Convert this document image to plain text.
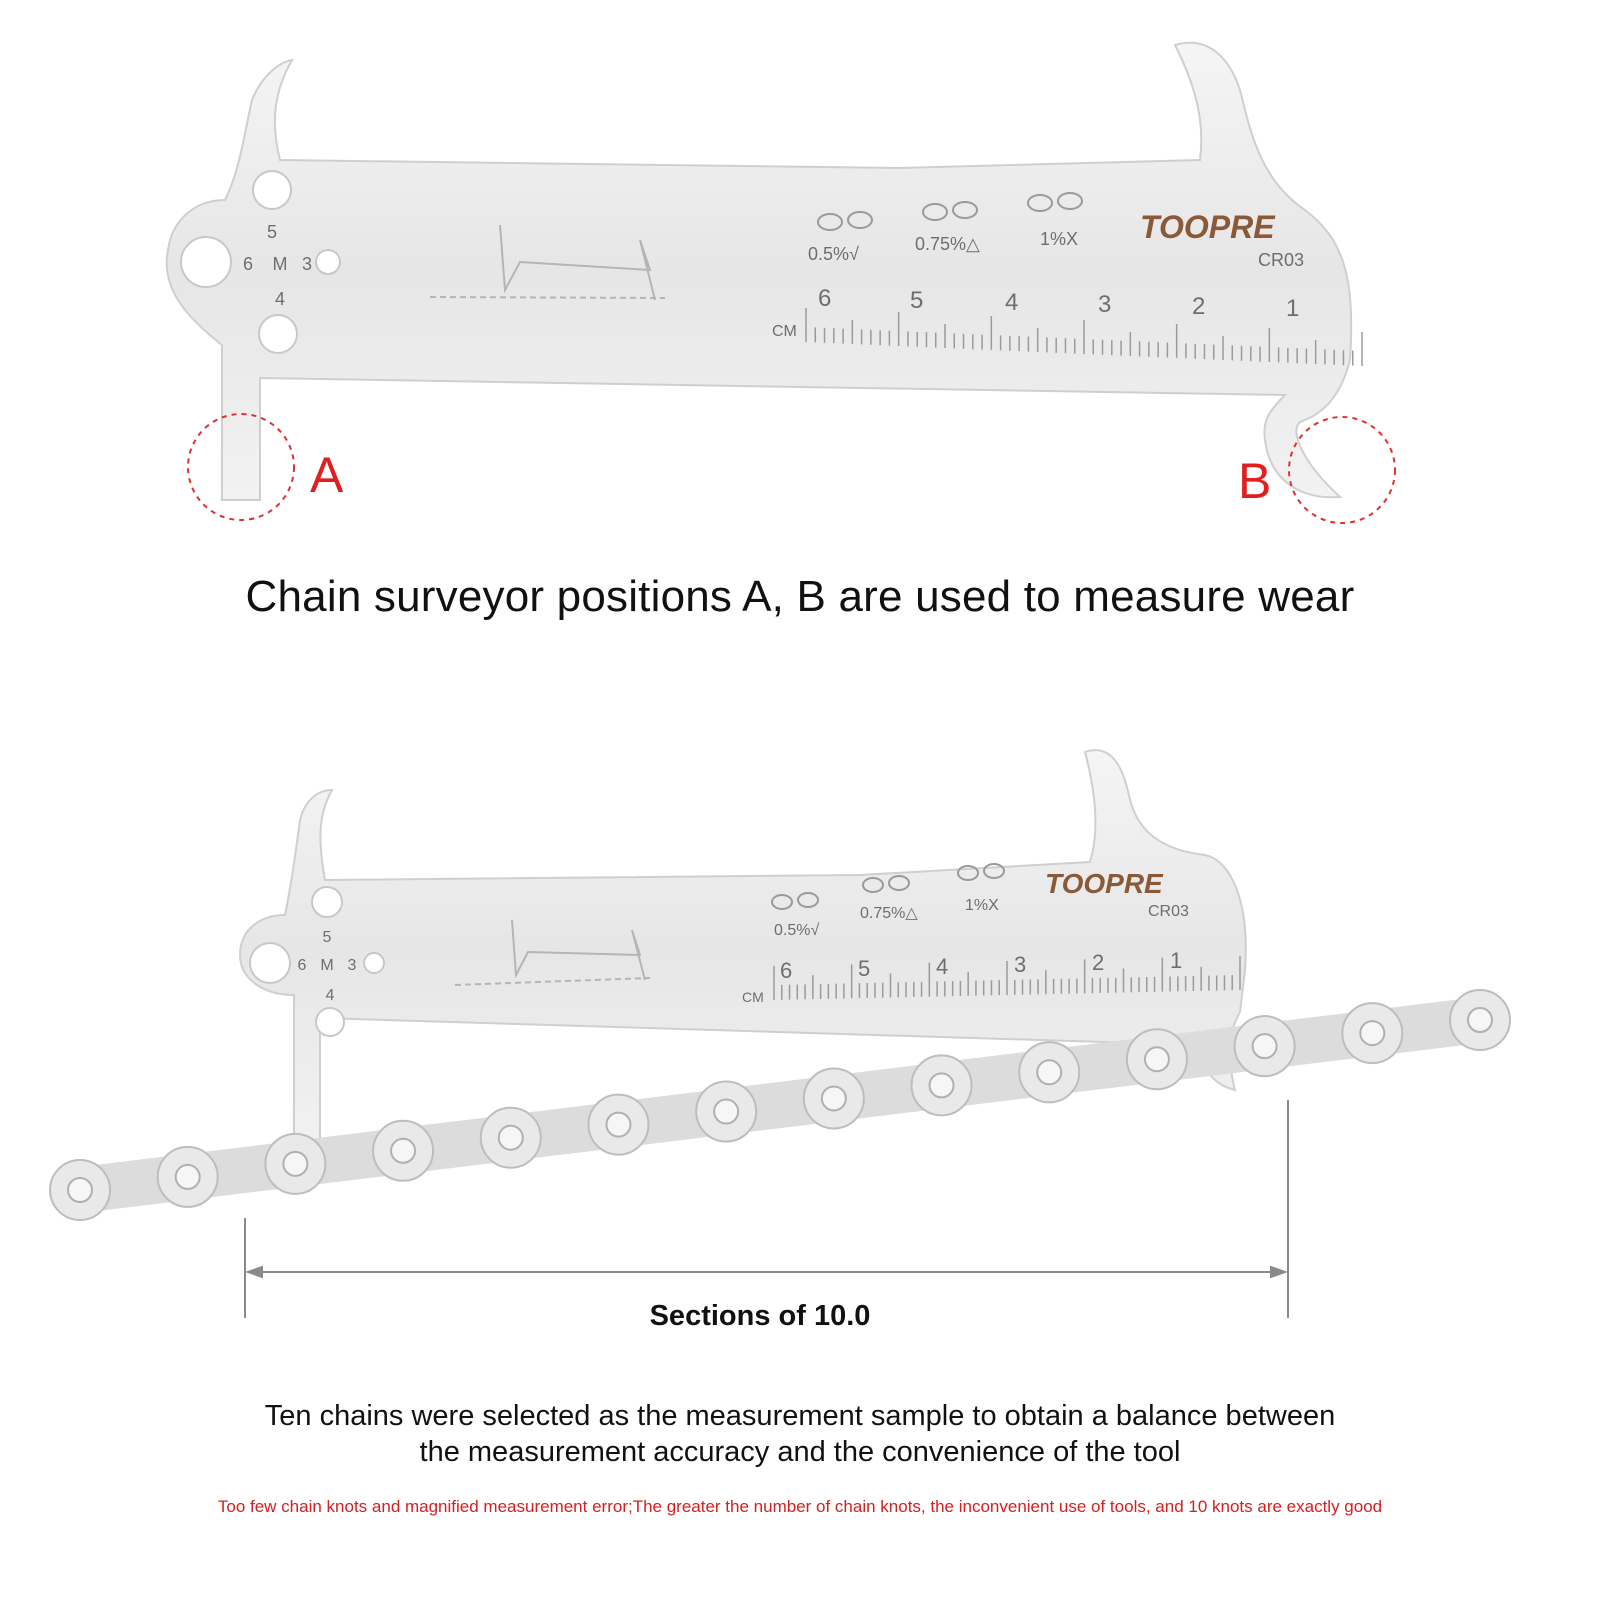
5
6 M 3
4
0.5%√	0.75%△	1%X TOOPRE
CR03
CM
6	5	4	3	2	1
A	B
Chain surveyor positions A, B are used to measure wear
5
6 M 3
4
0.5%√
0.75%△	1%X
TOOPRE
CR03
CM
6	5	4	3	2	1
Sections of 10.0
Ten chains were selected as the measurement sample to obtain a balance between
the measurement accuracy and the convenience of the tool
Too few chain knots and magnified measurement error;The greater the number of chain knots, the inconvenient use of tools, and 10 knots are exactly good
